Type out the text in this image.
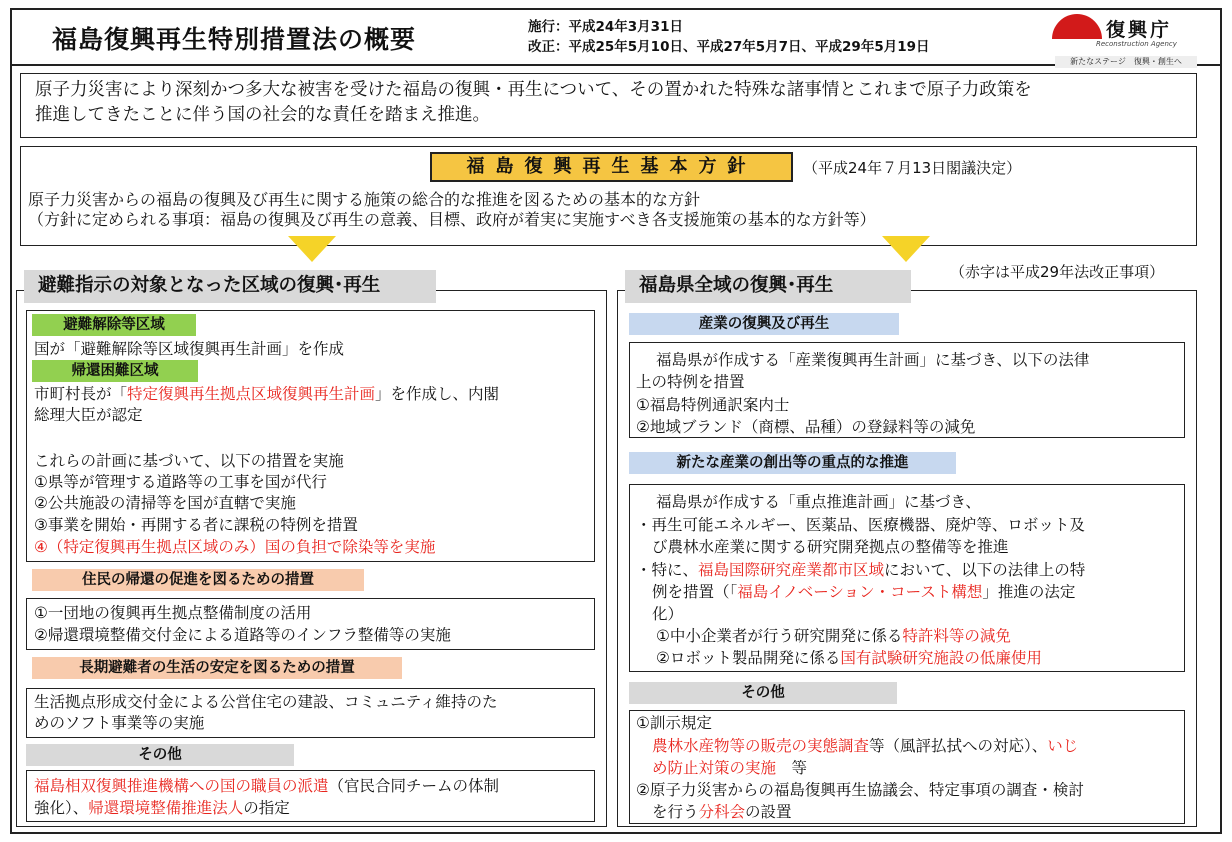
福島復興再生特別措置法の概要	施行：平成24年3月31日
改正：平成25年5月10日、平成27年5月7日、平成29年5月19日
復興庁
Reconstruction Agency
新たなステージ　復興・創生へ
原子力災害により深刻かつ多大な被害を受けた福島の復興・再生について、その置かれた特殊な諸事情とこれまで原子力政策を
推進してきたことに伴う国の社会的な責任を踏まえ推進。
福島復興再生基本方針	（平成24年７月13日閣議決定）
原子力災害からの福島の復興及び再生に関する施策の総合的な推進を図るための基本的な方針
（方針に定められる事項：福島の復興及び再生の意義、目標、政府が着実に実施すべき各支援施策の基本的な方針等）
（赤字は平成29年法改正事項）
避難指示の対象となった区域の復興･再生
避難解除等区域
国が「避難解除等区域復興再生計画」を作成
帰還困難区域
市町村長が「特定復興再生拠点区域復興再生計画」を作成し、内閣
総理大臣が認定
これらの計画に基づいて、以下の措置を実施
①県等が管理する道路等の工事を国が代行
②公共施設の清掃等を国が直轄で実施
③事業を開始・再開する者に課税の特例を措置
④（特定復興再生拠点区域のみ）国の負担で除染等を実施
住民の帰還の促進を図るための措置
①一団地の復興再生拠点整備制度の活用
②帰還環境整備交付金による道路等のインフラ整備等の実施
長期避難者の生活の安定を図るための措置
生活拠点形成交付金による公営住宅の建設、コミュニティ維持のた
めのソフト事業等の実施
その他
福島相双復興推進機構への国の職員の派遣（官民合同チームの体制
強化）、帰還環境整備推進法人の指定
福島県全域の復興･再生
産業の復興及び再生
福島県が作成する「産業復興再生計画」に基づき、以下の法律
上の特例を措置
①福島特例通訳案内士
②地域ブランド（商標、品種）の登録料等の減免
新たな産業の創出等の重点的な推進
福島県が作成する「重点推進計画」に基づき、
・再生可能エネルギー、医薬品、医療機器、廃炉等、ロボット及
び農林水産業に関する研究開発拠点の整備等を推進
・特に、福島国際研究産業都市区域において、以下の法律上の特
例を措置（「福島イノベーション・コースト構想」推進の法定
化）
①中小企業者が行う研究開発に係る特許料等の減免
②ロボット製品開発に係る国有試験研究施設の低廉使用
その他
①訓示規定
農林水産物等の販売の実態調査等（風評払拭への対応）、いじ
め防止対策の実施　等
②原子力災害からの福島復興再生協議会、特定事項の調査・検討
を行う分科会の設置
